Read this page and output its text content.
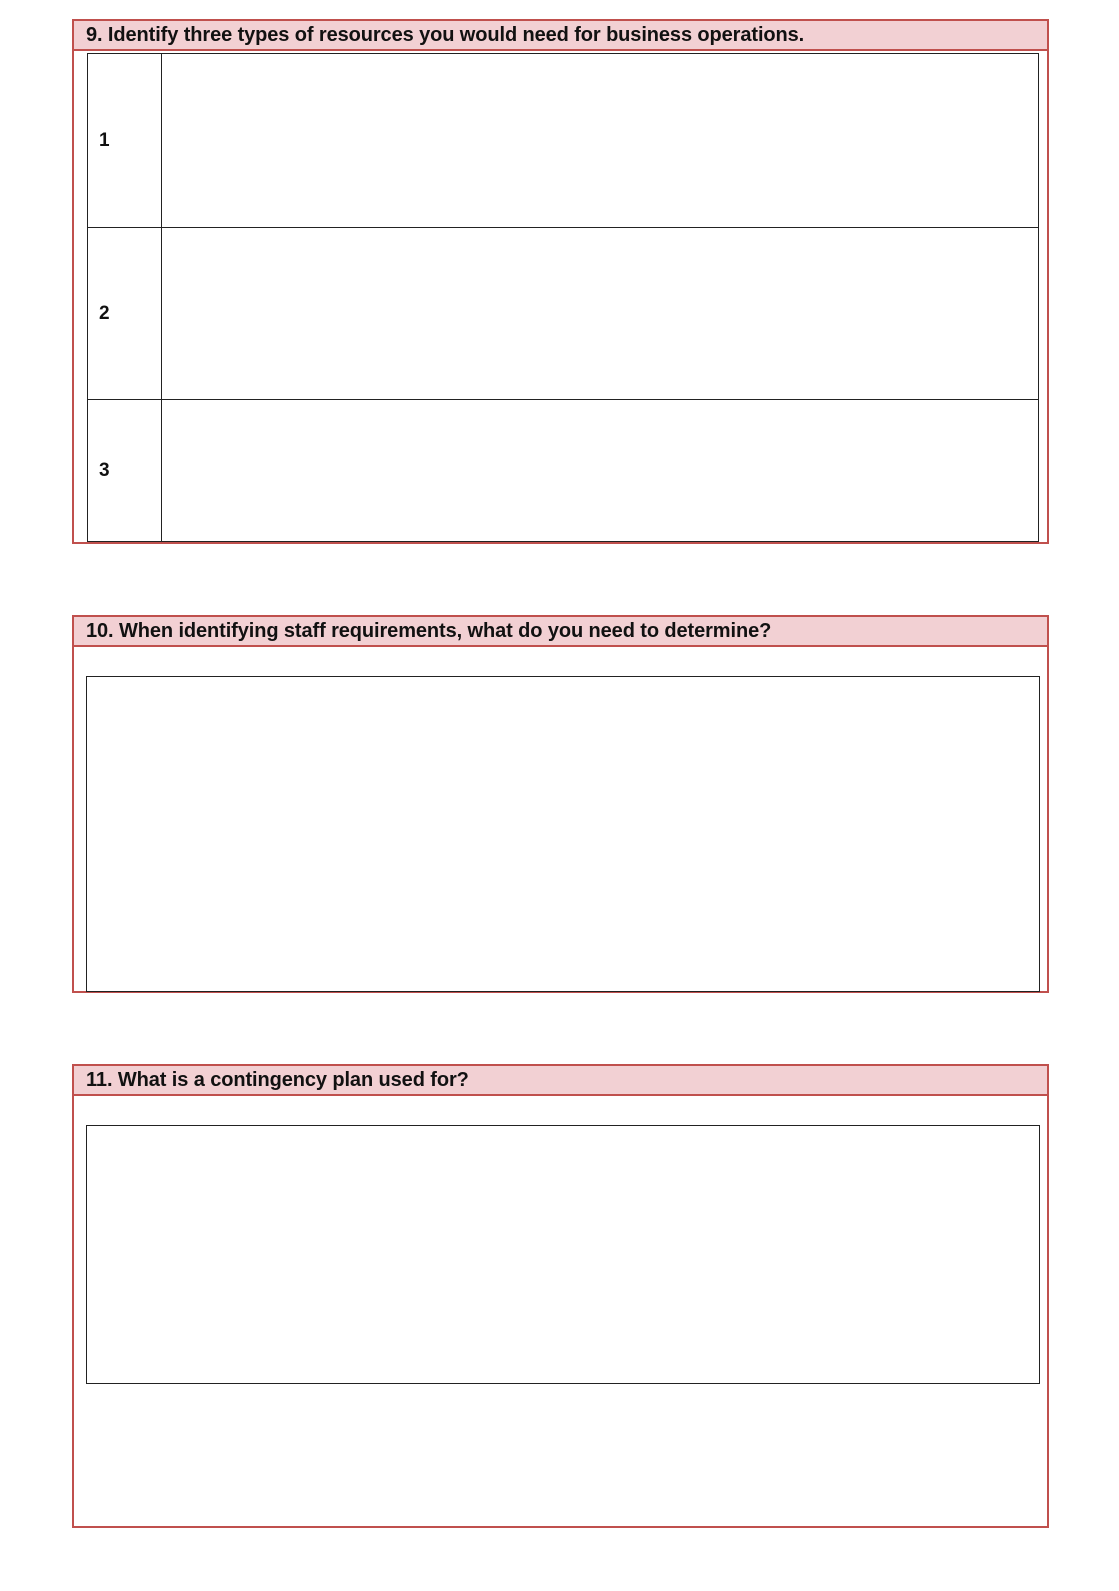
9. Identify three types of resources you would need for business operations.
1
2
3
10. When identifying staff requirements, what do you need to determine?
11. What is a contingency plan used for?
